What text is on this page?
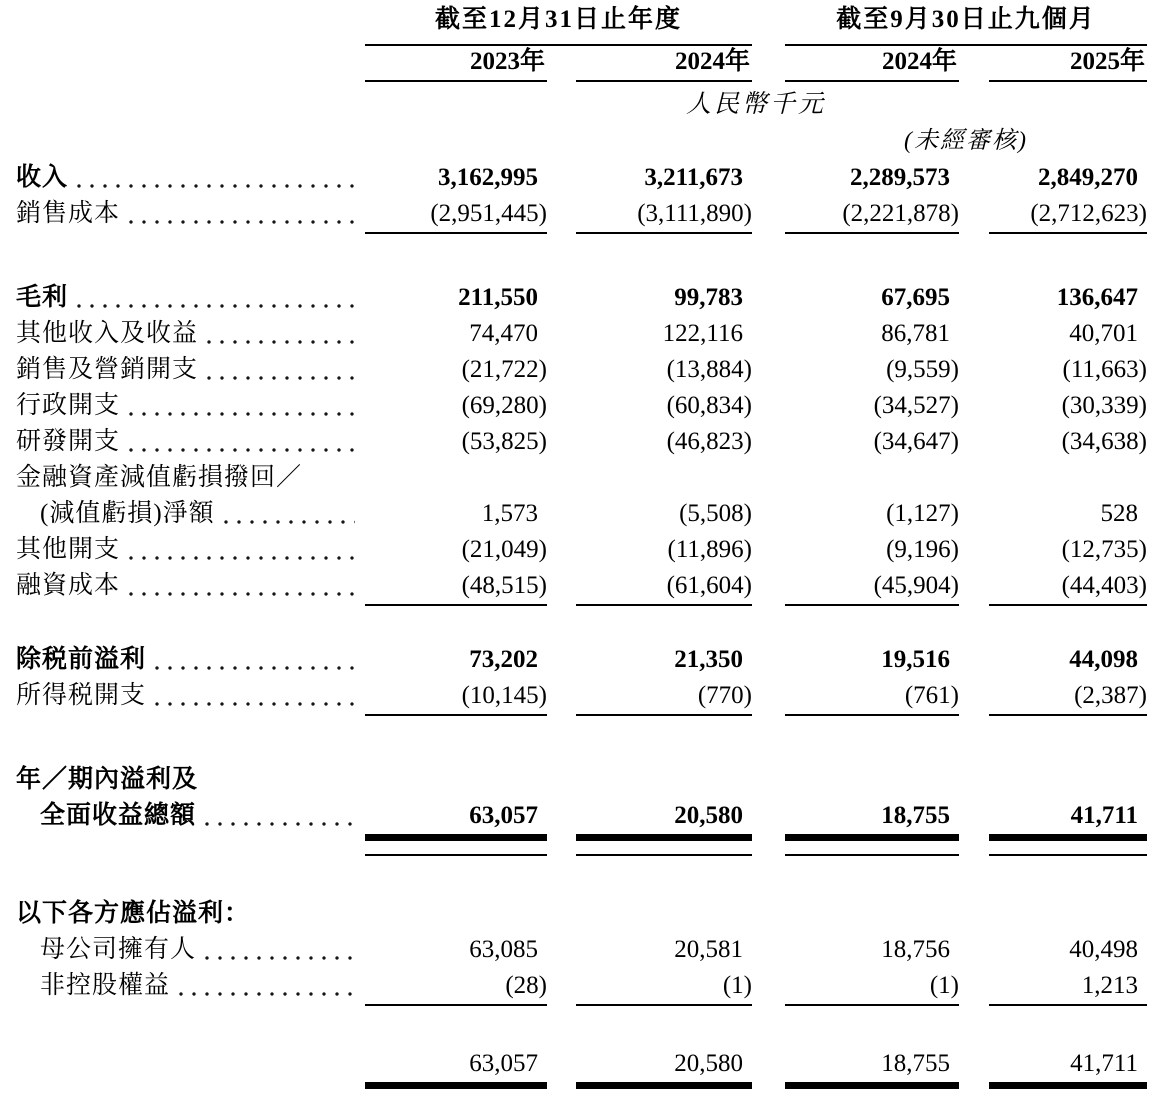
截至12月31日止年度	截至9月30日止九個月
2023年	2024年	2024年	2025年
人民幣千元
(未經審核)
收入	3,162,995	3,211,673	2,289,573	2,849,270
銷售成本	(2,951,445)	(3,111,890)	(2,221,878)	(2,712,623)
毛利	211,550	99,783	67,695	136,647
其他收入及收益	74,470	122,116	86,781	40,701
銷售及營銷開支	(21,722)	(13,884)	(9,559)	(11,663)
行政開支	(69,280)	(60,834)	(34,527)	(30,339)
研發開支	(53,825)	(46,823)	(34,647)	(34,638)
金融資產減值虧損撥回／
(減值虧損)淨額	1,573	(5,508)	(1,127)	528
其他開支	(21,049)	(11,896)	(9,196)	(12,735)
融資成本	(48,515)	(61,604)	(45,904)	(44,403)
除税前溢利	73,202	21,350	19,516	44,098
所得税開支	(10,145)	(770)	(761)	(2,387)
年／期內溢利及
全面收益總額	63,057	20,580	18,755	41,711
以下各方應佔溢利：
母公司擁有人	63,085	20,581	18,756	40,498
非控股權益	(28)	(1)	(1)	1,213
63,057	20,580	18,755	41,711
